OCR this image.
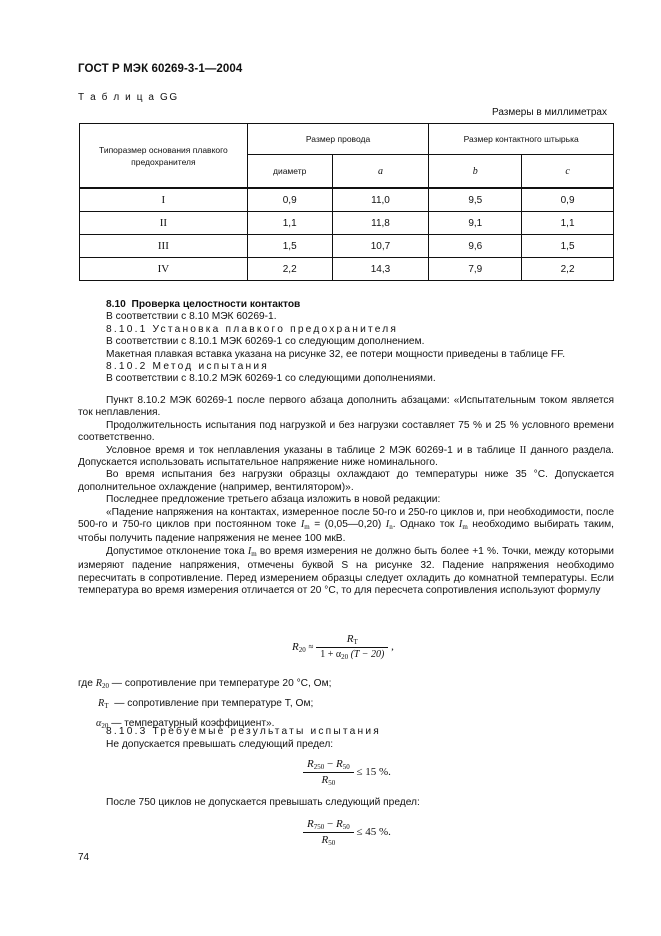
ГОСТ Р МЭК 60269-3-1—2004
Т а б л и ц а GG
Размеры в миллиметрах
Типоразмер основания плавкого предохранителя	Размер провода		Размер контактного штырька	
	диаметр	a	b	c
I	0,9	11,0	9,5	0,9
II	1,1	11,8	9,1	1,1
III	1,5	10,7	9,6	1,5
IV	2,2	14,3	7,9	2,2

8.10 Проверка целостности контактов

В соответствии с 8.10 МЭК 60269-1.

8.10.1 Установка плавкого предохранителя

В соответствии с 8.10.1 МЭК 60269-1 со следующим дополнением.

Макетная плавкая вставка указана на рисунке 32, ее потери мощности приведены в таблице FF.

8.10.2 Метод испытания

В соответствии с 8.10.2 МЭК 60269-1 со следующими дополнениями.

Пункт 8.10.2 МЭК 60269-1 после первого абзаца дополнить абзацами: «Испытательным током является ток неплавления.

Продолжительность испытания под нагрузкой и без нагрузки составляет 75 % и 25 % условного времени соответственно.

Условное время и ток неплавления указаны в таблице 2 МЭК 60269-1 и в таблице II данного раздела. Допускается использовать испытательное напряжение ниже номинального.

Во время испытания без нагрузки образцы охлаждают до температуры ниже 35 °С. Допускается дополнительное охлаждение (например, вентилятором)».

Последнее предложение третьего абзаца изложить в новой редакции:

«Падение напряжения на контактах, измеренное после 50-го и 250-го циклов и, при необходимости, после 500-го и 750-го циклов при постоянном токе $I_m$ = (0,05—0,20) $I_n$. Однако ток $I_m$ необходимо выбирать таким, чтобы получить падение напряжения не менее 100 мкВ.

Допустимое отклонение тока $I_m$ во время измерения не должно быть более +1 %. Точки, между которыми измеряют падение напряжения, отмечены буквой S на рисунке 32. Падение напряжения необходимо пересчитать в сопротивление. Перед измерением образцы следует охладить до комнатной температуры. Если температура во время измерения отличается от 20 °С, то для пересчета сопротивления используют формулу

$R_{20} \approx \frac{R_T}{1 + \alpha_{20} (T - 20)}$ ,
где $R_{20}$ — сопротивление при температуре 20 °С, Ом;
$R_T$ — сопротивление при температуре T, Ом;
$\alpha_{20}$ — температурный коэффициент».
8.10.3 Требуемые результаты испытания
Не допускается превышать следующий предел:
$\frac{R_{250} - R_{50}}{R_{50}} \le 15$ %.
После 750 циклов не допускается превышать следующий предел:
$\frac{R_{750} - R_{50}}{R_{50}} \le 45$ %.
74
